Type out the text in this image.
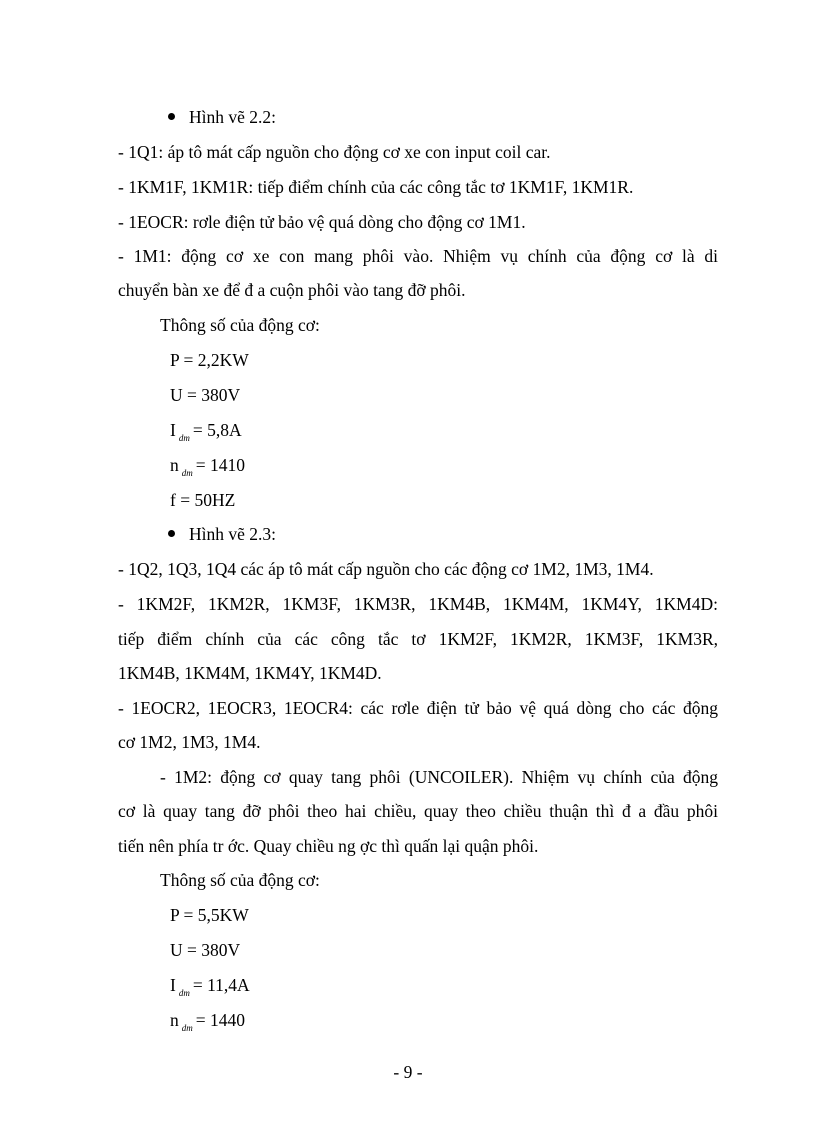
Hình vẽ 2.2:
- 1Q1: áp tô mát cấp nguồn cho động cơ xe con input coil car.
- 1KM1F, 1KM1R: tiếp điểm chính của các công tắc tơ 1KM1F, 1KM1R.
- 1EOCR: rơle điện tử bảo vệ quá dòng cho động cơ 1M1.
- 1M1: động cơ xe con mang phôi vào. Nhiệm vụ chính của động cơ là di
chuyển bàn xe để đ a cuộn phôi vào tang đỡ phôi.
Thông số của động cơ:
P = 2,2KW
U = 380V
I $_{dm}$ = 5,8A
n $_{dm}$ = 1410
f = 50HZ
Hình vẽ 2.3:
- 1Q2, 1Q3, 1Q4 các áp tô mát cấp nguồn cho các động cơ 1M2, 1M3, 1M4.
- 1KM2F, 1KM2R, 1KM3F, 1KM3R, 1KM4B, 1KM4M, 1KM4Y, 1KM4D:
tiếp điểm chính của các công tắc tơ 1KM2F, 1KM2R, 1KM3F, 1KM3R,
1KM4B, 1KM4M, 1KM4Y, 1KM4D.
- 1EOCR2, 1EOCR3, 1EOCR4: các rơle điện tử bảo vệ quá dòng cho các động
cơ 1M2, 1M3, 1M4.
- 1M2: động cơ quay tang phôi (UNCOILER). Nhiệm vụ chính của động
cơ là quay tang đỡ phôi theo hai chiều, quay theo chiều thuận thì đ a đầu phôi
tiến nên phía tr ớc. Quay chiều ng ợc thì quấn lại quận phôi.
Thông số của động cơ:
P = 5,5KW
U = 380V
I $_{dm}$ = 11,4A
n $_{dm}$ = 1440
- 9 -
